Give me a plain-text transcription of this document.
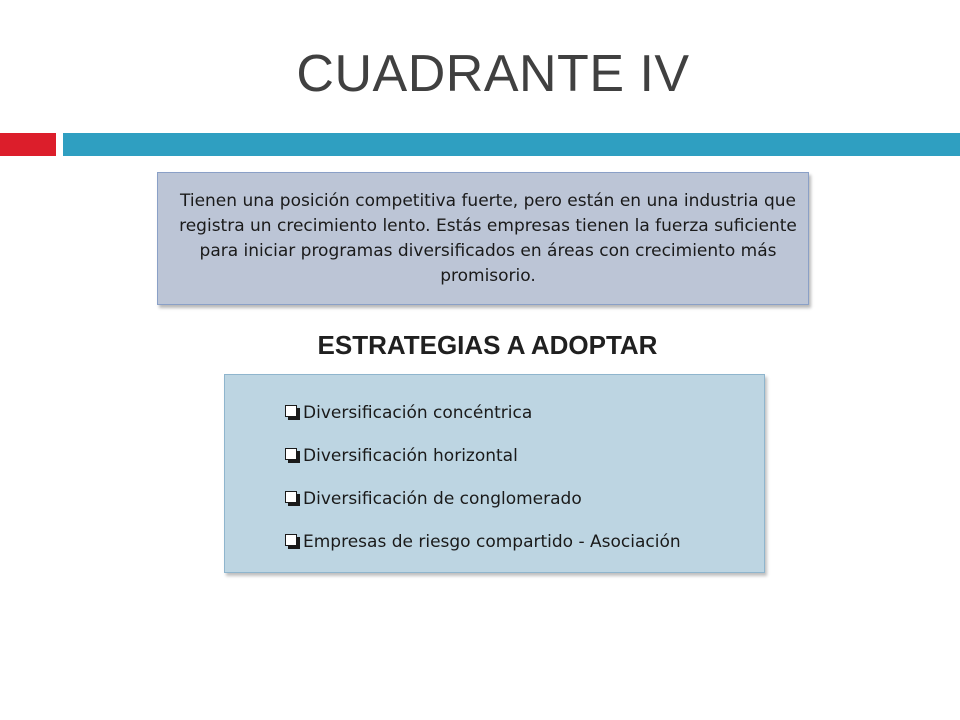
CUADRANTE IV
Tienen una posición competitiva fuerte, pero están en una industria que registra un crecimiento lento. Estás empresas tienen la fuerza suficiente para iniciar programas diversificados en áreas con crecimiento más promisorio.
ESTRATEGIAS A ADOPTAR
Diversificación concéntrica
Diversificación horizontal
Diversificación de conglomerado
Empresas de riesgo compartido - Asociación
